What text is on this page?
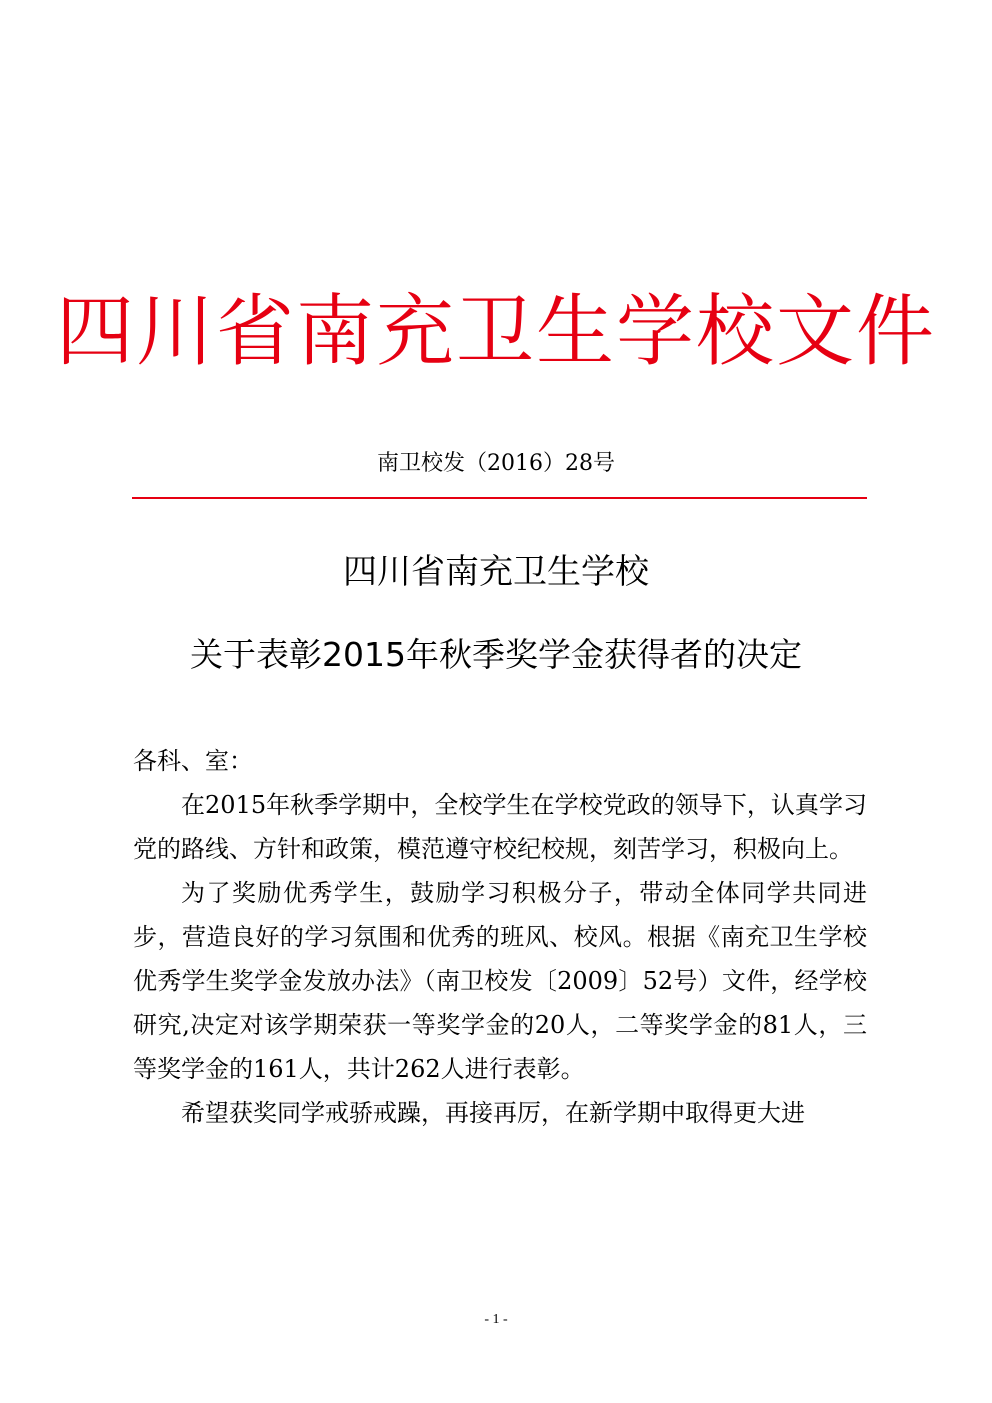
四川省南充卫生学校文件
南卫校发（2016）28号
四川省南充卫生学校
关于表彰2015年秋季奖学金获得者的决定

各科、室：

在2015年秋季学期中，全校学生在学校党政的领导下，认真学习党的路线、方针和政策，模范遵守校纪校规，刻苦学习，积极向上。

为了奖励优秀学生，鼓励学习积极分子，带动全体同学共同进步，营造良好的学习氛围和优秀的班风、校风。根据《南充卫生学校优秀学生奖学金发放办法》（南卫校发〔2009〕52号）文件，经学校研究,决定对该学期荣获一等奖学金的20人，二等奖学金的81人，三等奖学金的161人，共计262人进行表彰。

希望获奖同学戒骄戒躁，再接再厉，在新学期中取得更大进

- 1 -
